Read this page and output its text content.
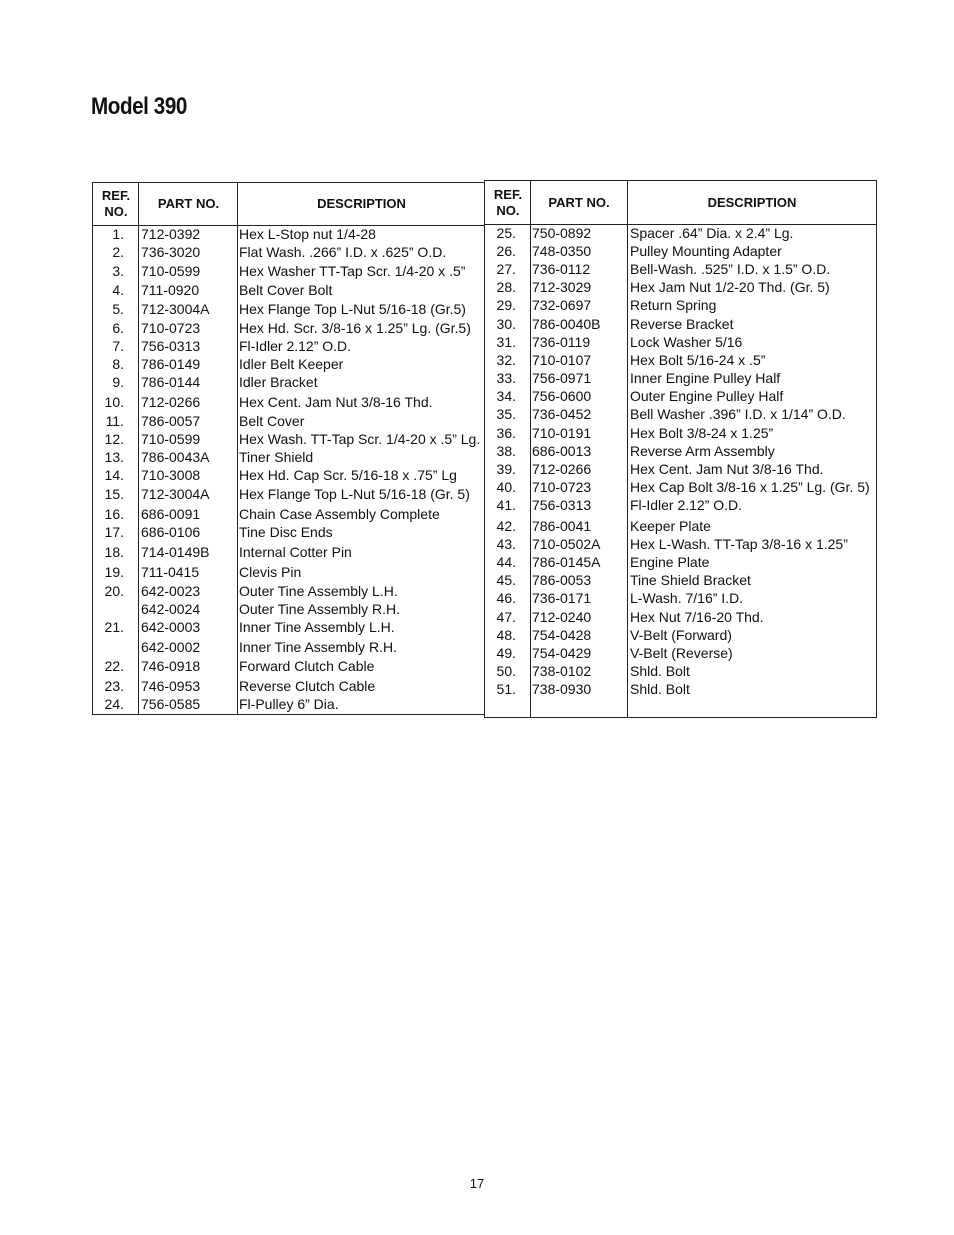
Model 390
REF.
NO.
PART NO.	DESCRIPTION
1. 712-0392	Hex L-Stop nut 1/4-28
2. 736-3020	Flat Wash. .266” I.D. x .625” O.D.
3. 710-0599	Hex Washer TT-Tap Scr. 1/4-20 x .5”
4. 711-0920	Belt Cover Bolt
5. 712-3004A Hex Flange Top L-Nut 5/16-18 (Gr.5)
6. 710-0723	Hex Hd. Scr. 3/8-16 x 1.25” Lg. (Gr.5)
7. 756-0313	Fl-Idler 2.12” O.D.
8. 786-0149	Idler Belt Keeper
9. 786-0144	Idler Bracket
10. 712-0266	Hex Cent. Jam Nut 3/8-16 Thd.
11. 786-0057	Belt Cover
12. 710-0599	Hex Wash. TT-Tap Scr. 1/4-20 x .5” Lg.
13. 786-0043A Tiner Shield
14. 710-3008	Hex Hd. Cap Scr. 5/16-18 x .75” Lg
15. 712-3004A Hex Flange Top L-Nut 5/16-18 (Gr. 5)
16. 686-0091	Chain Case Assembly Complete
17. 686-0106	Tine Disc Ends
18. 714-0149B Internal Cotter Pin
19. 711-0415	Clevis Pin
20. 642-0023	Outer Tine Assembly L.H.
642-0024	Outer Tine Assembly R.H.
21. 642-0003	Inner Tine Assembly L.H.
642-0002	Inner Tine Assembly R.H.
22. 746-0918	Forward Clutch Cable
23. 746-0953	Reverse Clutch Cable
24. 756-0585	Fl-Pulley 6” Dia.
REF.
NO.
PART NO.	DESCRIPTION
25. 750-0892	Spacer .64” Dia. x 2.4” Lg.
26. 748-0350	Pulley Mounting Adapter
27. 736-0112	Bell-Wash. .525” I.D. x 1.5” O.D.
28. 712-3029	Hex Jam Nut 1/2-20 Thd. (Gr. 5)
29. 732-0697	Return Spring
30. 786-0040B Reverse Bracket
31. 736-0119	Lock Washer 5/16
32. 710-0107	Hex Bolt 5/16-24 x .5”
33. 756-0971	Inner Engine Pulley Half
34. 756-0600	Outer Engine Pulley Half
35. 736-0452	Bell Washer .396” I.D. x 1/14” O.D.
36. 710-0191	Hex Bolt 3/8-24 x 1.25”
38. 686-0013	Reverse Arm Assembly
39. 712-0266	Hex Cent. Jam Nut 3/8-16 Thd.
40. 710-0723	Hex Cap Bolt 3/8-16 x 1.25” Lg. (Gr. 5)
41. 756-0313	Fl-Idler 2.12” O.D.
42. 786-0041	Keeper Plate
43. 710-0502A Hex L-Wash. TT-Tap 3/8-16 x 1.25”
44. 786-0145A Engine Plate
45. 786-0053	Tine Shield Bracket
46. 736-0171	L-Wash. 7/16” I.D.
47. 712-0240	Hex Nut 7/16-20 Thd.
48. 754-0428	V-Belt (Forward)
49. 754-0429	V-Belt (Reverse)
50. 738-0102	Shld. Bolt
51. 738-0930	Shld. Bolt
17
